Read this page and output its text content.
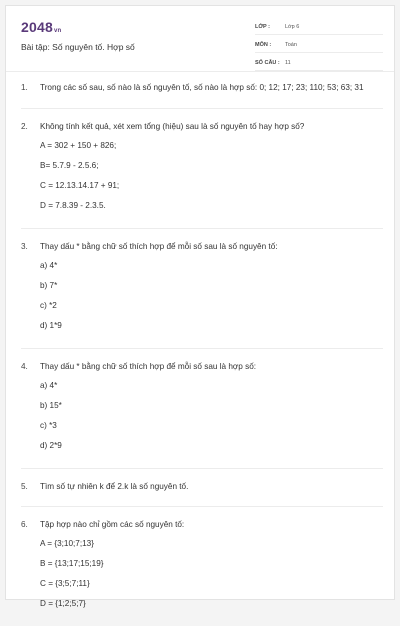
2048vn
Bài tập: Số nguyên tố. Hợp số
LỚP :	Lớp 6
MÔN :	Toán
SỐ CÂU : 11
1. Trong các số sau, số nào là số nguyên tố, số nào là hợp số: 0; 12; 17; 23; 110; 53; 63; 31
2. Không tính kết quả, xét xem tổng (hiệu) sau là số nguyên tố hay hợp số?
A = 302 + 150 + 826;
B= 5.7.9 - 2.5.6;
C = 12.13.14.17 + 91;
D = 7.8.39 - 2.3.5.
3. Thay dấu * bằng chữ số thích hợp để mỗi số sau là số nguyên tố:
a) 4*
b) 7*
c) *2
d) 1*9
4. Thay dấu * bằng chữ số thích hợp để mỗi số sau là hợp số:
a) 4*
b) 15*
c) *3
d) 2*9
5. Tìm số tự nhiên k để 2.k là số nguyên tố.
6. Tập hợp nào chỉ gồm các số nguyên tố:
A = {3;10;7;13}
B = {13;17;15;19}
C = {3;5;7;11}
D = {1;2;5;7}
